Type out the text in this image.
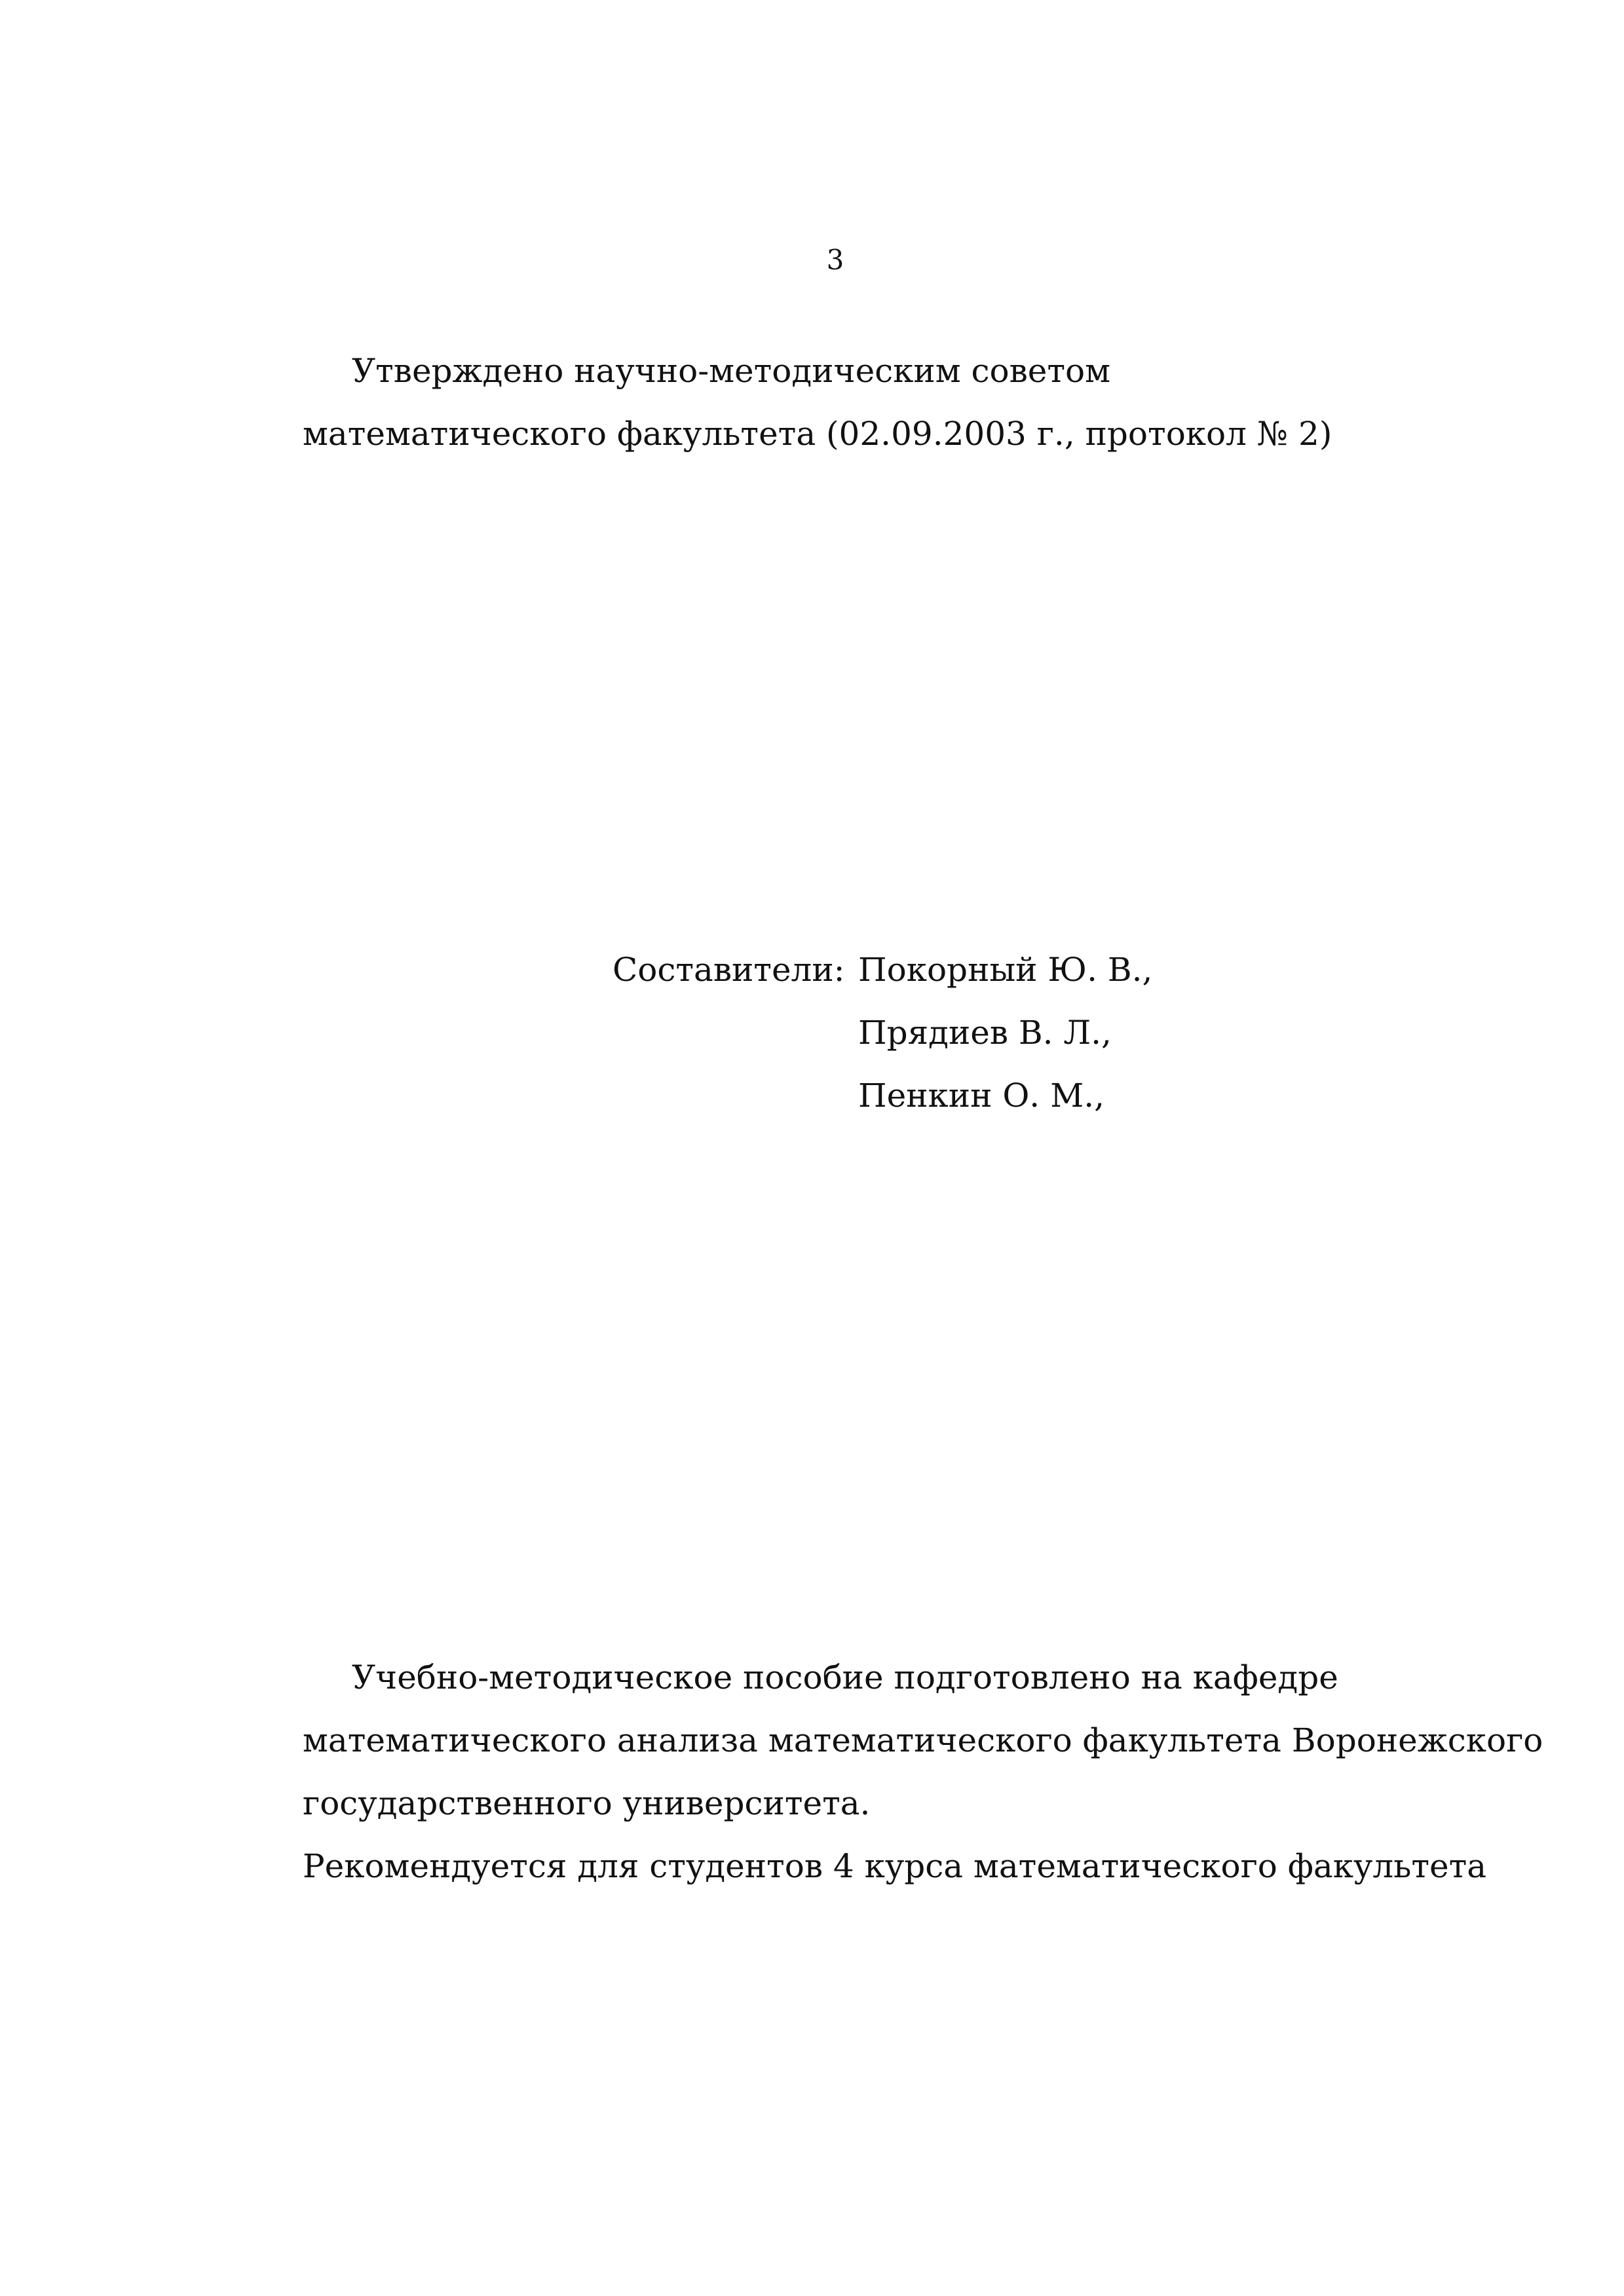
3

Утверждено научно-методическим советом математического факультета (02.09.2003 г., протокол № 2)

Составители: Покорный Ю. В.,
Прядиев В. Л.,
Пенкин О. М.,

Учебно-методическое пособие подготовлено на кафедре математического анализа математического факультета Воронежского государственного университета.

Рекомендуется для студентов 4 курса математического факультета
